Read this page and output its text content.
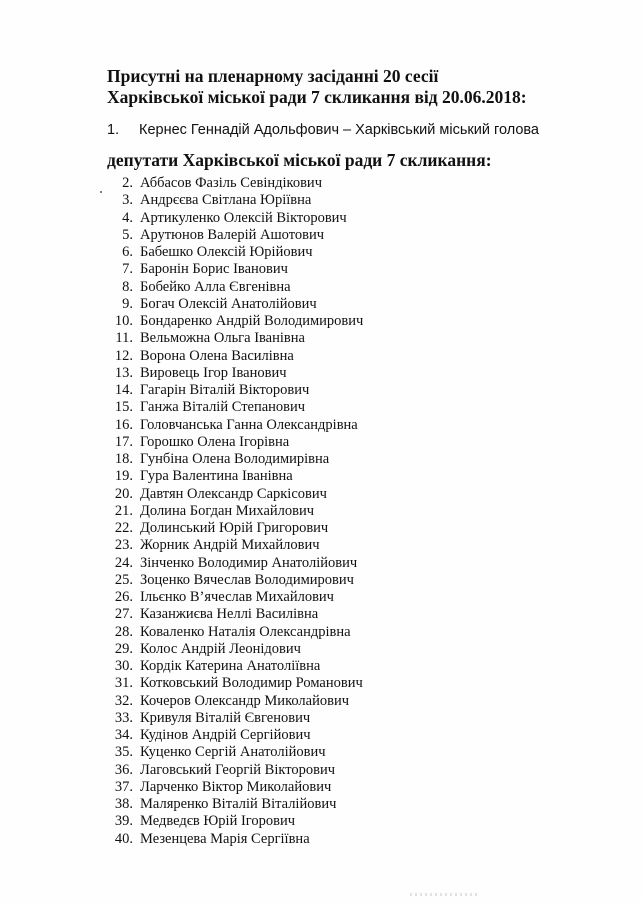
Присутні на пленарному засіданні 20 сесії
Харківської міської ради 7 скликання від 20.06.2018:
1. Кернес Геннадій Адольфович – Харківський міський голова
депутати Харківської міської ради 7 скликання:
2. Аббасов Фазіль Севіндікович
3. Андрєєва Світлана Юріївна
4. Артикуленко Олексій Вікторович
5. Арутюнов Валерій Ашотович
6. Бабешко Олексій Юрійович
7. Баронін Борис Іванович
8. Бобейко Алла Євгенівна
9. Богач Олексій Анатолійович
10. Бондаренко Андрій Володимирович
11. Вельможна Ольга Іванівна
12. Ворона Олена Василівна
13. Вировець Ігор Іванович
14. Гагарін Віталій Вікторович
15. Ганжа Віталій Степанович
16. Головчанська Ганна Олександрівна
17. Горошко Олена Ігорівна
18. Гунбіна Олена Володимирівна
19. Гура Валентина Іванівна
20. Давтян Олександр Саркісович
21. Долина Богдан Михайлович
22. Долинський Юрій Григорович
23. Жорник Андрій Михайлович
24. Зінченко Володимир Анатолійович
25. Зоценко Вячеслав Володимирович
26. Ільєнко В’ячеслав Михайлович
27. Казанжиєва Неллі Василівна
28. Коваленко Наталія Олександрівна
29. Колос Андрій Леонідович
30. Кордік Катерина Анатоліївна
31. Котковський Володимир Романович
32. Кочеров Олександр Миколайович
33. Кривуля Віталій Євгенович
34. Кудінов Андрій Сергійович
35. Куценко Сергій Анатолійович
36. Лаговський Георгій Вікторович
37. Ларченко Віктор Миколайович
38. Маляренко Віталій Віталійович
39. Медведєв Юрій Ігорович
40. Мезенцева Марія Сергіївна
